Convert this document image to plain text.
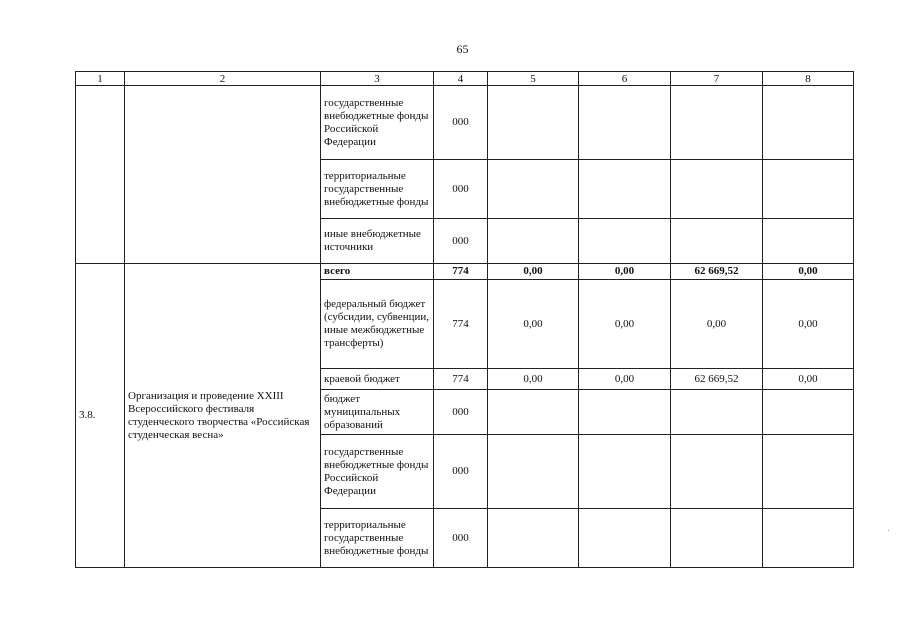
65
1	2	3	4	5	6	7	8
		государственные внебюджетные фонды Российской Федерации	000				
		территориальные государственные внебюджетные фонды	000				
		иные внебюджетные источники	000				
3.8.	Организация и проведение XXIII Всероссийского фестиваля студенческого творчества «Российская студенческая весна»	всего	774	0,00	0,00	62 669,52	0,00
		федеральный бюджет (субсидии, субвенции, иные межбюджетные трансферты)	774	0,00	0,00	0,00	0,00
		краевой бюджет	774	0,00	0,00	62 669,52	0,00
		бюджет муниципальных образований	000				
		государственные внебюджетные фонды Российской Федерации	000				
		территориальные государственные внебюджетные фонды	000				
